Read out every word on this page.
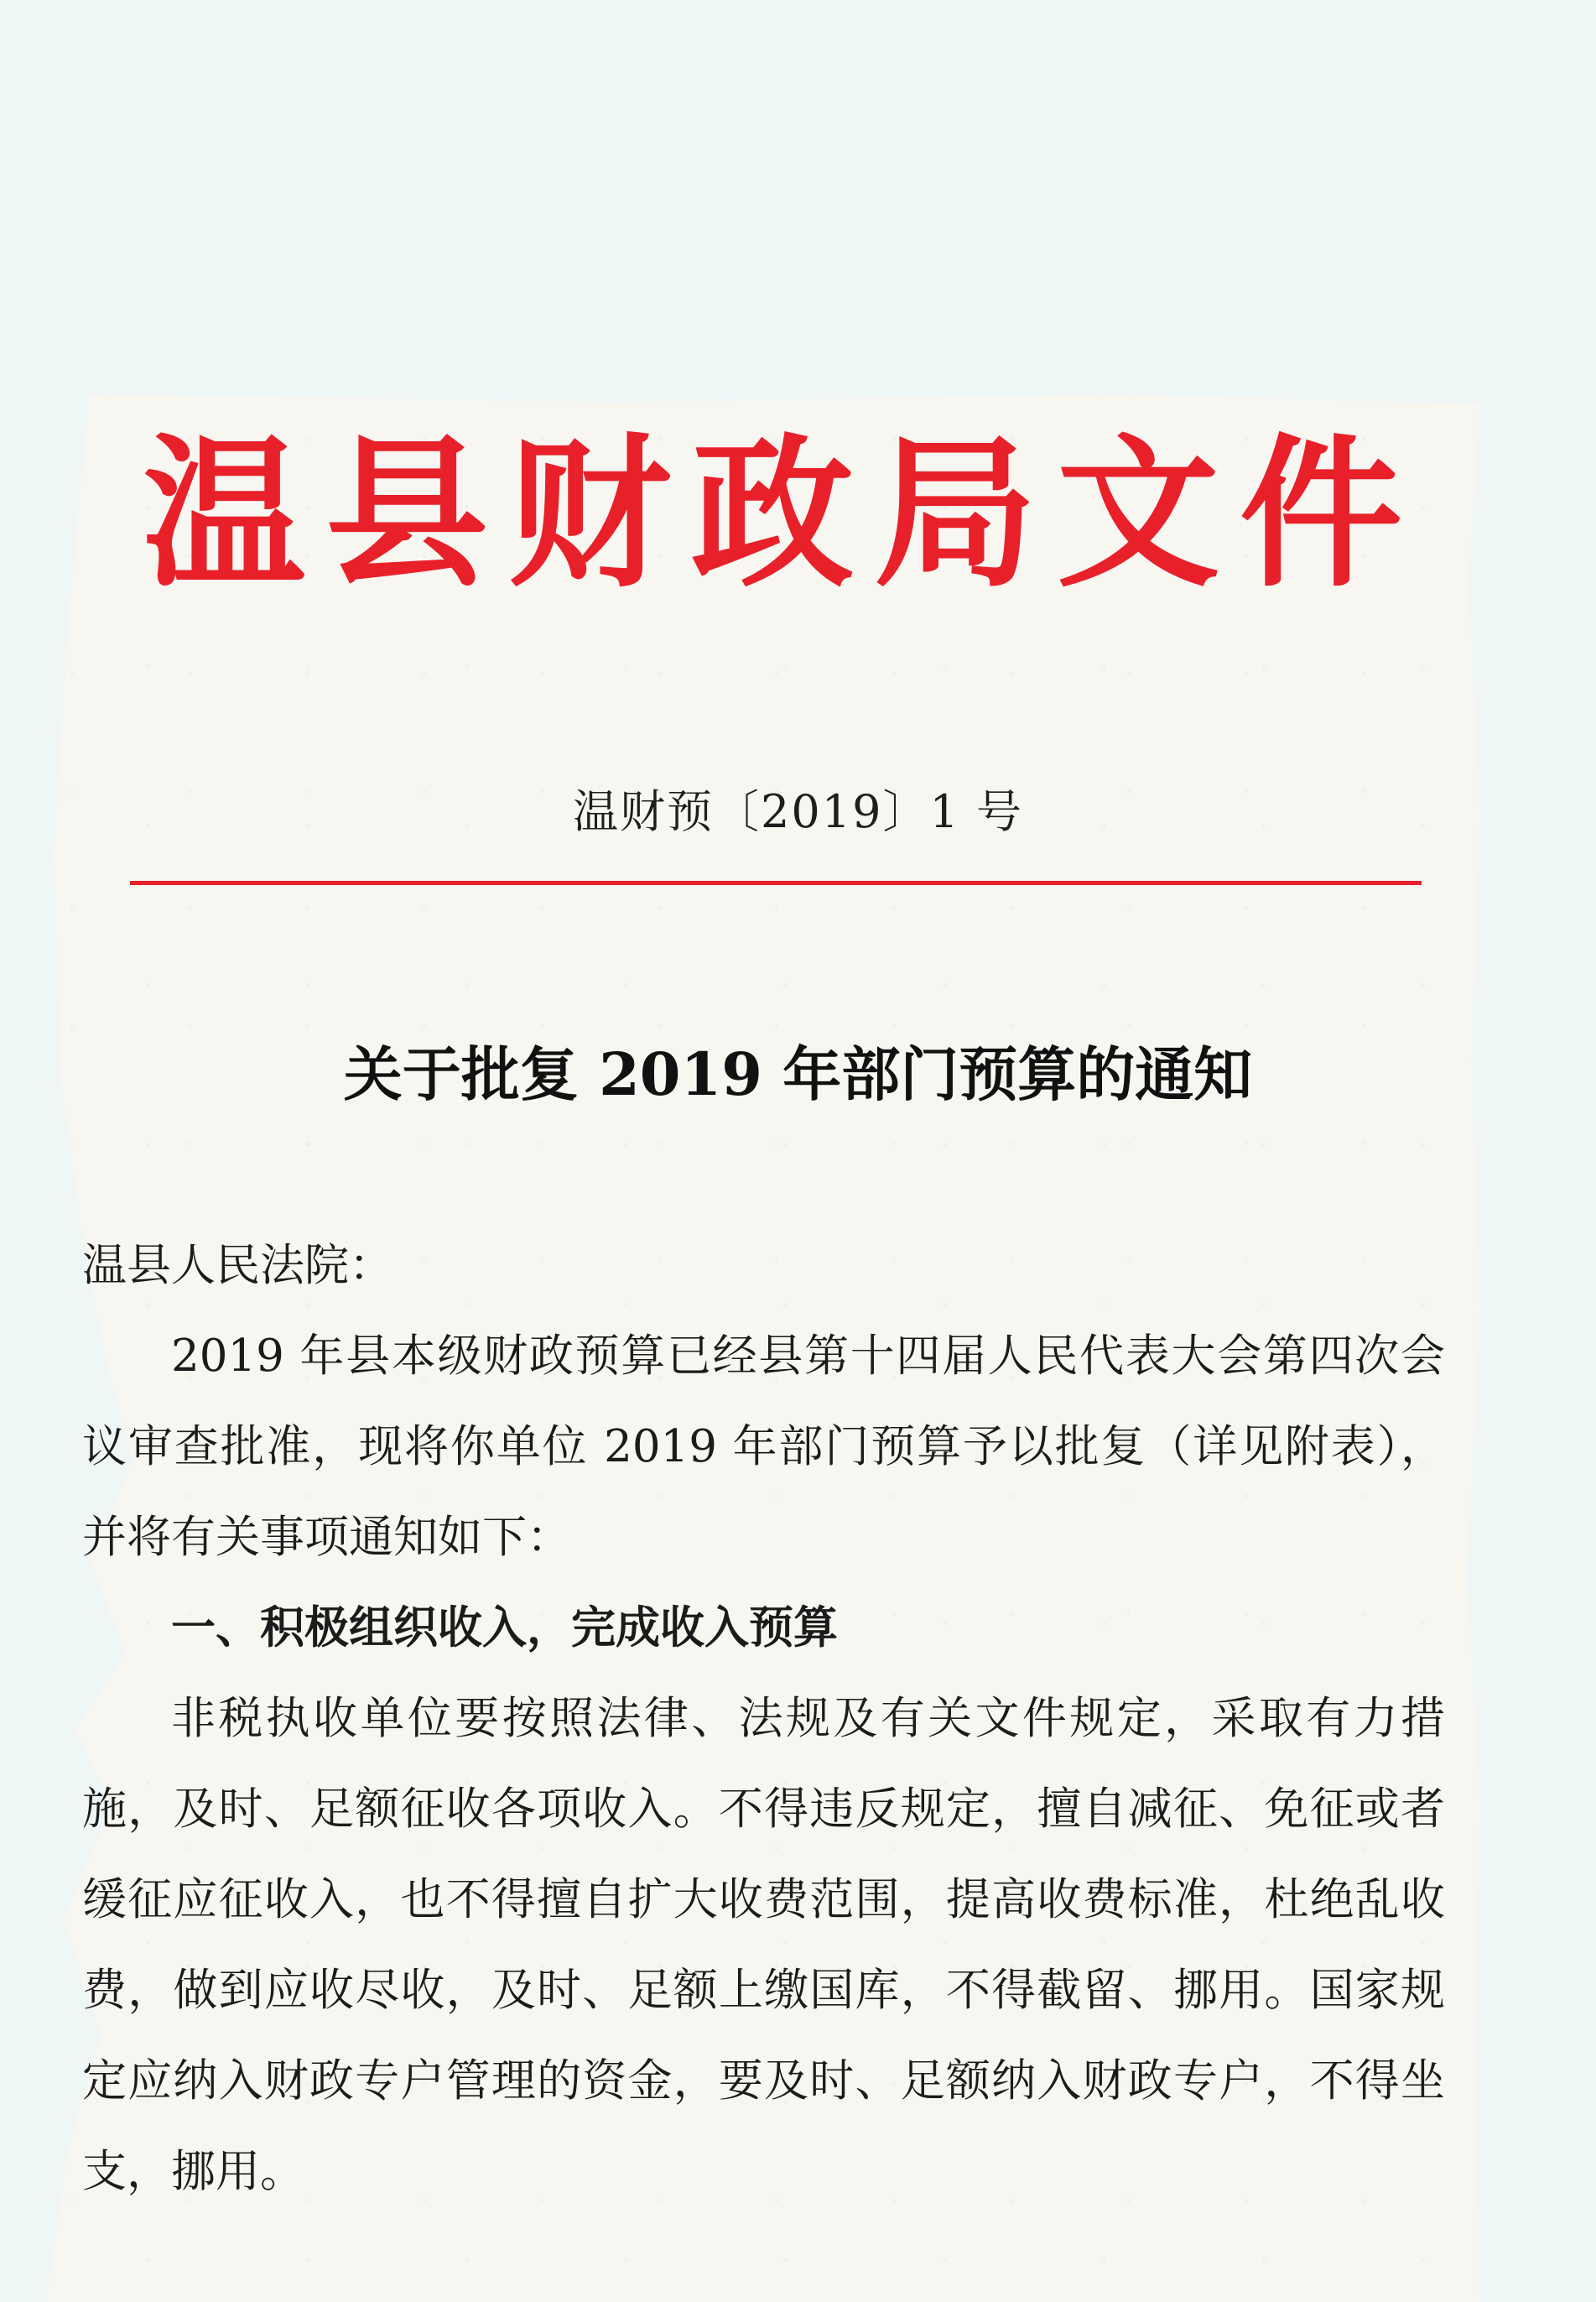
温县财政局文件
温财预〔2019〕1 号
关于批复 2019 年部门预算的通知

温县人民法院：

2019 年县本级财政预算已经县第十四届人民代表大会第四次会议审查批准，现将你单位 2019 年部门预算予以批复（详见附表），并将有关事项通知如下：

一、积极组织收入，完成收入预算

非税执收单位要按照法律、法规及有关文件规定，采取有力措施，及时、足额征收各项收入。不得违反规定，擅自减征、免征或者缓征应征收入，也不得擅自扩大收费范围，提高收费标准，杜绝乱收费，做到应收尽收，及时、足额上缴国库，不得截留、挪用。国家规定应纳入财政专户管理的资金，要及时、足额纳入财政专户，不得坐支，挪用。
